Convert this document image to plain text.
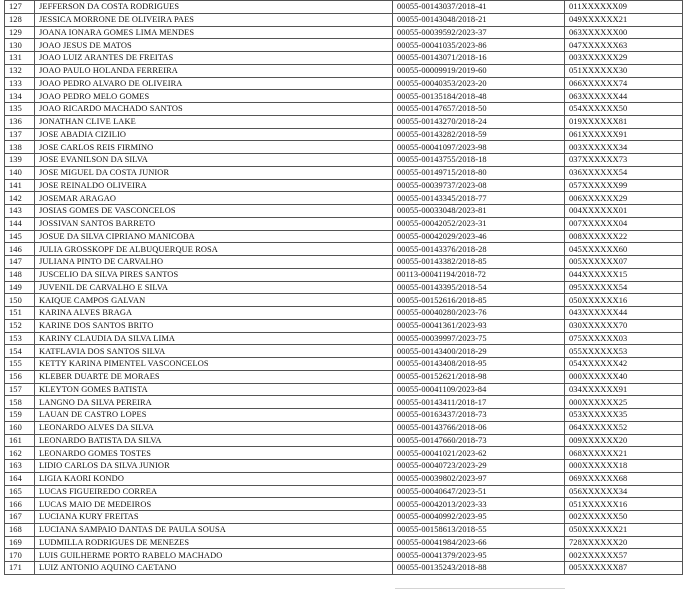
127	JEFFERSON DA COSTA RODRIGUES	00055-00143037/2018-41	011XXXXXX09
128	JESSICA MORRONE DE OLIVEIRA PAES	00055-00143048/2018-21	049XXXXXX21
129	JOANA IONARA GOMES LIMA MENDES	00055-00039592/2023-37	063XXXXXX00
130	JOAO JESUS DE MATOS	00055-00041035/2023-86	047XXXXXX63
131	JOAO LUIZ ARANTES DE FREITAS	00055-00143071/2018-16	003XXXXXX29
132	JOAO PAULO HOLANDA FERREIRA	00055-00009919/2019-60	051XXXXXX30
133	JOAO PEDRO ALVARO DE OLIVEIRA	00055-00040353/2023-20	066XXXXXX74
134	JOAO PEDRO MELO GOMES	00055-00135184/2018-48	063XXXXXX44
135	JOAO RICARDO MACHADO SANTOS	00055-00147657/2018-50	054XXXXXX50
136	JONATHAN CLIVE LAKE	00055-00143270/2018-24	019XXXXXX81
137	JOSE ABADIA CIZILIO	00055-00143282/2018-59	061XXXXXX91
138	JOSE CARLOS REIS FIRMINO	00055-00041097/2023-98	003XXXXXX34
139	JOSE EVANILSON DA SILVA	00055-00143755/2018-18	037XXXXXX73
140	JOSE MIGUEL DA COSTA JUNIOR	00055-00149715/2018-80	036XXXXXX54
141	JOSE REINALDO OLIVEIRA	00055-00039737/2023-08	057XXXXXX99
142	JOSEMAR ARAGAO	00055-00143345/2018-77	006XXXXXX29
143	JOSIAS GOMES DE VASCONCELOS	00055-00033048/2023-81	004XXXXXX01
144	JOSSIVAN SANTOS BARRETO	00055-00042052/2023-31	007XXXXXX04
145	JOSUE DA SILVA CIPRIANO MANICOBA	00055-00042029/2023-46	008XXXXXX22
146	JULIA GROSSKOPF DE ALBUQUERQUE ROSA	00055-00143376/2018-28	045XXXXXX60
147	JULIANA PINTO DE CARVALHO	00055-00143382/2018-85	005XXXXXX07
148	JUSCELIO DA SILVA PIRES SANTOS	00113-00041194/2018-72	044XXXXXX15
149	JUVENIL DE CARVALHO E SILVA	00055-00143395/2018-54	095XXXXXX54
150	KAIQUE CAMPOS GALVAN	00055-00152616/2018-85	050XXXXXX16
151	KARINA ALVES BRAGA	00055-00040280/2023-76	043XXXXXX44
152	KARINE DOS SANTOS BRITO	00055-00041361/2023-93	030XXXXXX70
153	KARINY CLAUDIA DA SILVA LIMA	00055-00039997/2023-75	075XXXXXX03
154	KATFLAVIA DOS SANTOS SILVA	00055-00143400/2018-29	055XXXXXX53
155	KETTY KARINA PIMENTEL VASCONCELOS	00055-00143408/2018-95	054XXXXXX42
156	KLEBER DUARTE DE MORAES	00055-00152621/2018-98	000XXXXXX40
157	KLEYTON GOMES BATISTA	00055-00041109/2023-84	034XXXXXX91
158	LANGNO DA SILVA PEREIRA	00055-00143411/2018-17	000XXXXXX25
159	LAUAN DE CASTRO LOPES	00055-00163437/2018-73	053XXXXXX35
160	LEONARDO ALVES DA SILVA	00055-00143766/2018-06	064XXXXXX52
161	LEONARDO BATISTA DA SILVA	00055-00147660/2018-73	009XXXXXX20
162	LEONARDO GOMES TOSTES	00055-00041021/2023-62	068XXXXXX21
163	LIDIO CARLOS DA SILVA JUNIOR	00055-00040723/2023-29	000XXXXXX18
164	LIGIA KAORI KONDO	00055-00039802/2023-97	069XXXXXX68
165	LUCAS FIGUEIREDO CORREA	00055-00040647/2023-51	056XXXXXX34
166	LUCAS MAIO DE MEDEIROS	00055-00042013/2023-33	051XXXXXX16
167	LUCIANA KURY FREITAS	00055-00040992/2023-95	002XXXXXX50
168	LUCIANA SAMPAIO DANTAS DE PAULA SOUSA	00055-00158613/2018-55	050XXXXXX21
169	LUDMILLA RODRIGUES DE MENEZES	00055-00041984/2023-66	728XXXXXX20
170	LUIS GUILHERME PORTO RABELO MACHADO	00055-00041379/2023-95	002XXXXXX57
171	LUIZ ANTONIO AQUINO CAETANO	00055-00135243/2018-88	005XXXXXX87
